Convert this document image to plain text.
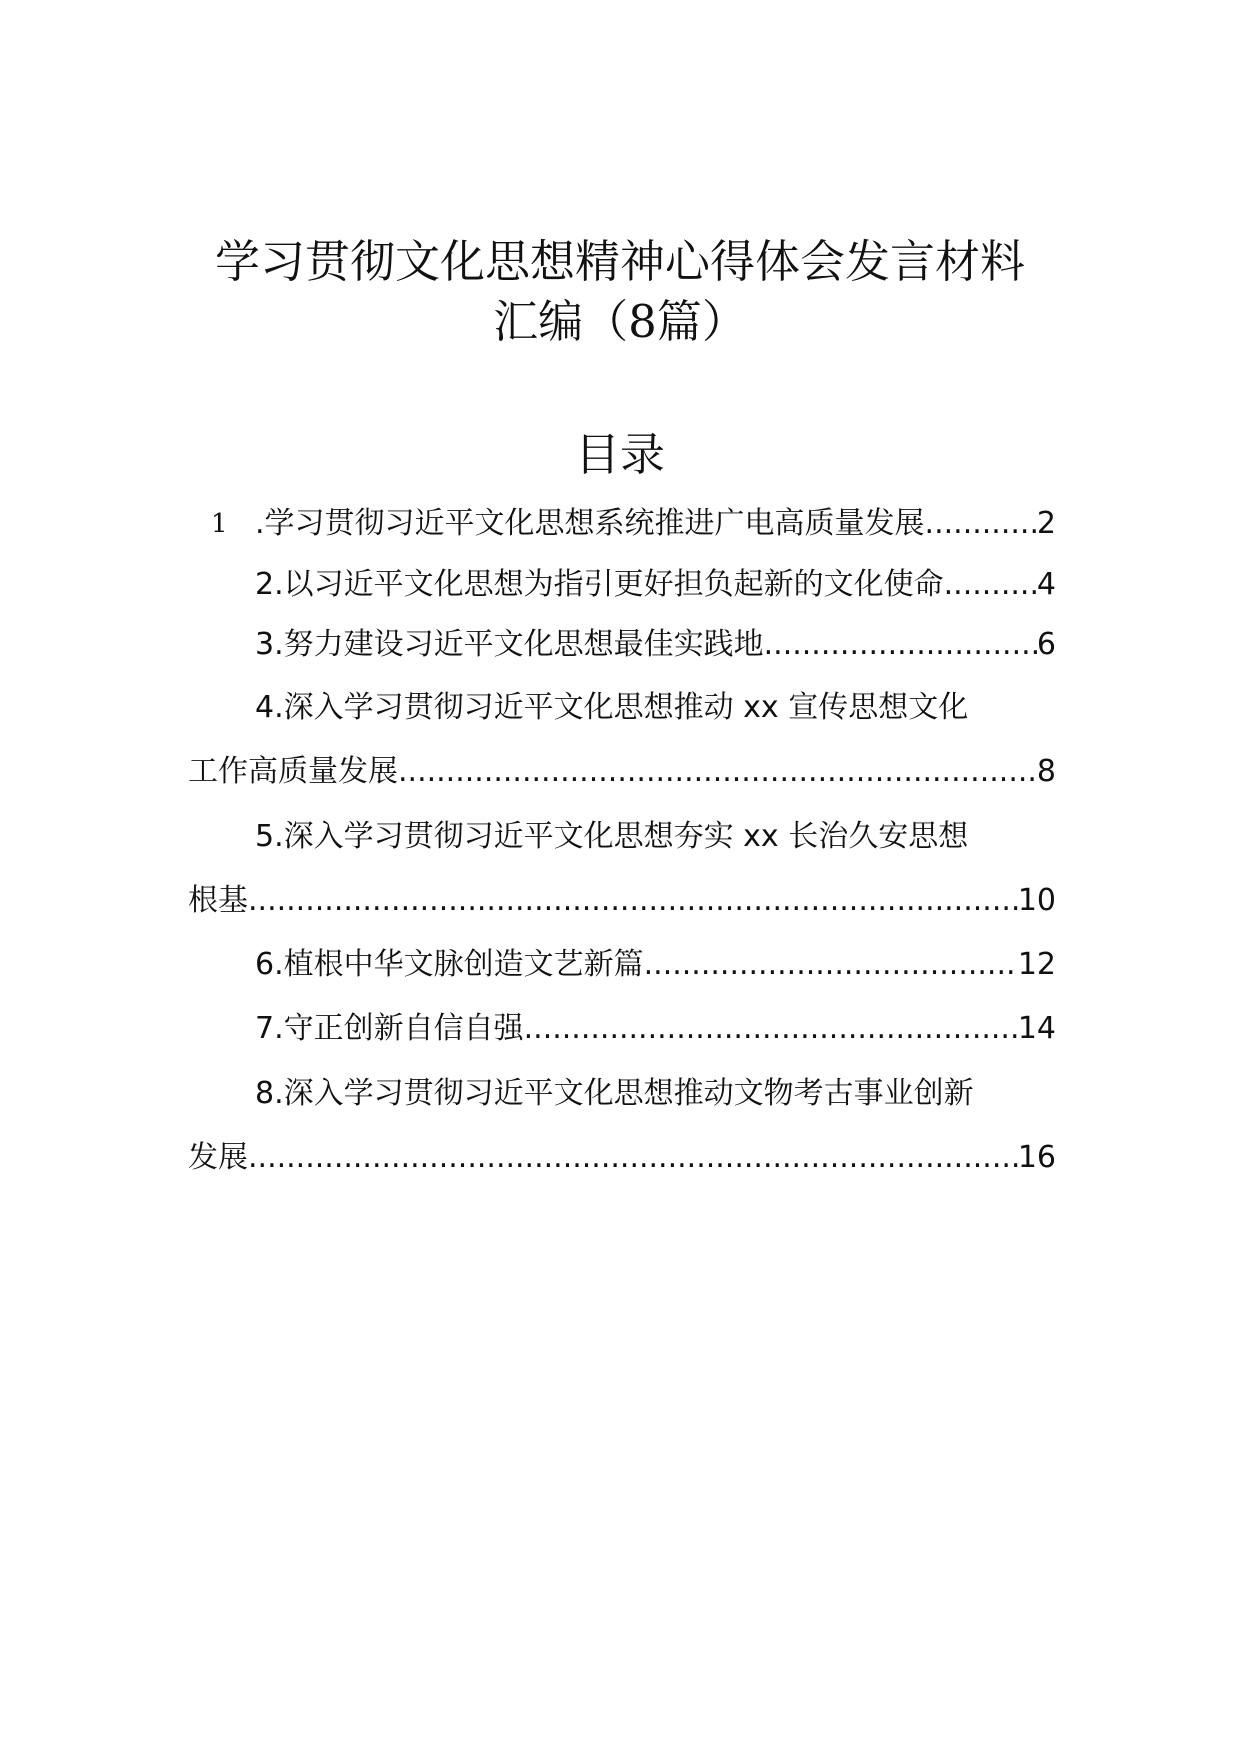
学习贯彻文化思想精神心得体会发言材料
汇编（8篇）
目录
1 .学习贯彻习近平文化思想系统推进广电高质量发展 .....	2
2.以习近平文化思想为指引更好担负起新的文化使命 .....	4
3.努力建设习近平文化思想最佳实践地 .....	6
4.深入学习贯彻习近平文化思想推动 xx 宣传思想文化
工作高质量发展 .....	8
5.深入学习贯彻习近平文化思想夯实 xx 长治久安思想
根基 .....	10
6.植根中华文脉创造文艺新篇 .....	12
7.守正创新自信自强 .....	14
8.深入学习贯彻习近平文化思想推动文物考古事业创新
发展 .....	16
